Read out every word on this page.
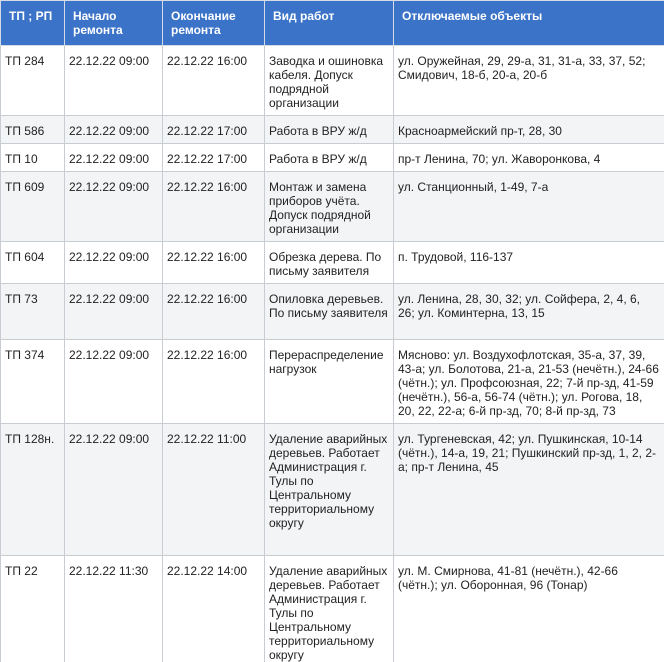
ТП ; РП	Начало ремонта	Окончание ремонта	Вид работ	Отключаемые объекты
ТП 284	22.12.22 09:00	22.12.22 16:00	Заводка и ошиновка кабеля. Допуск подрядной организации	ул. Оружейная, 29, 29-а, 31, 31-а, 33, 37, 52; Смидович, 18-б, 20-а, 20-б
ТП 586	22.12.22 09:00	22.12.22 17:00	Работа в ВРУ ж/д	Красноармейский пр-т, 28, 30
ТП 10	22.12.22 09:00	22.12.22 17:00	Работа в ВРУ ж/д	пр-т Ленина, 70; ул. Жаворонкова, 4
ТП 609	22.12.22 09:00	22.12.22 16:00	Монтаж и замена приборов учёта. Допуск подрядной организации	ул. Станционный, 1-49, 7-а
ТП 604	22.12.22 09:00	22.12.22 16:00	Обрезка дерева. По письму заявителя	п. Трудовой, 116-137
ТП 73	22.12.22 09:00	22.12.22 16:00	Опиловка деревьев. По письму заявителя	ул. Ленина, 28, 30, 32; ул. Сойфера, 2, 4, 6, 26; ул. Коминтерна, 13, 15
ТП 374	22.12.22 09:00	22.12.22 16:00	Перераспределение нагрузок	Мясново: ул. Воздухофлотская, 35-а, 37, 39, 43-а; ул. Болотова, 21-а, 21-53 (нечётн.), 24-66 (чётн.); ул. Профсоюзная, 22; 7-й пр-зд, 41-59 (нечётн.), 56-а, 56-74 (чётн.); ул. Рогова, 18, 20, 22, 22-а; 6-й пр-зд, 70; 8-й пр-зд, 73
ТП 128н.	22.12.22 09:00	22.12.22 11:00	Удаление аварийных деревьев. Работает Администрация г. Тулы по Центральному территориальному округу	ул. Тургеневская, 42; ул. Пушкинская, 10-14 (чётн.), 14-а, 19, 21; Пушкинский пр-зд, 1, 2, 2-а; пр-т Ленина, 45
ТП 22	22.12.22 11:30	22.12.22 14:00	Удаление аварийных деревьев. Работает Администрация г. Тулы по Центральному территориальному округу	ул. М. Смирнова, 41-81 (нечётн.), 42-66 (чётн.); ул. Оборонная, 96 (Тонар)
